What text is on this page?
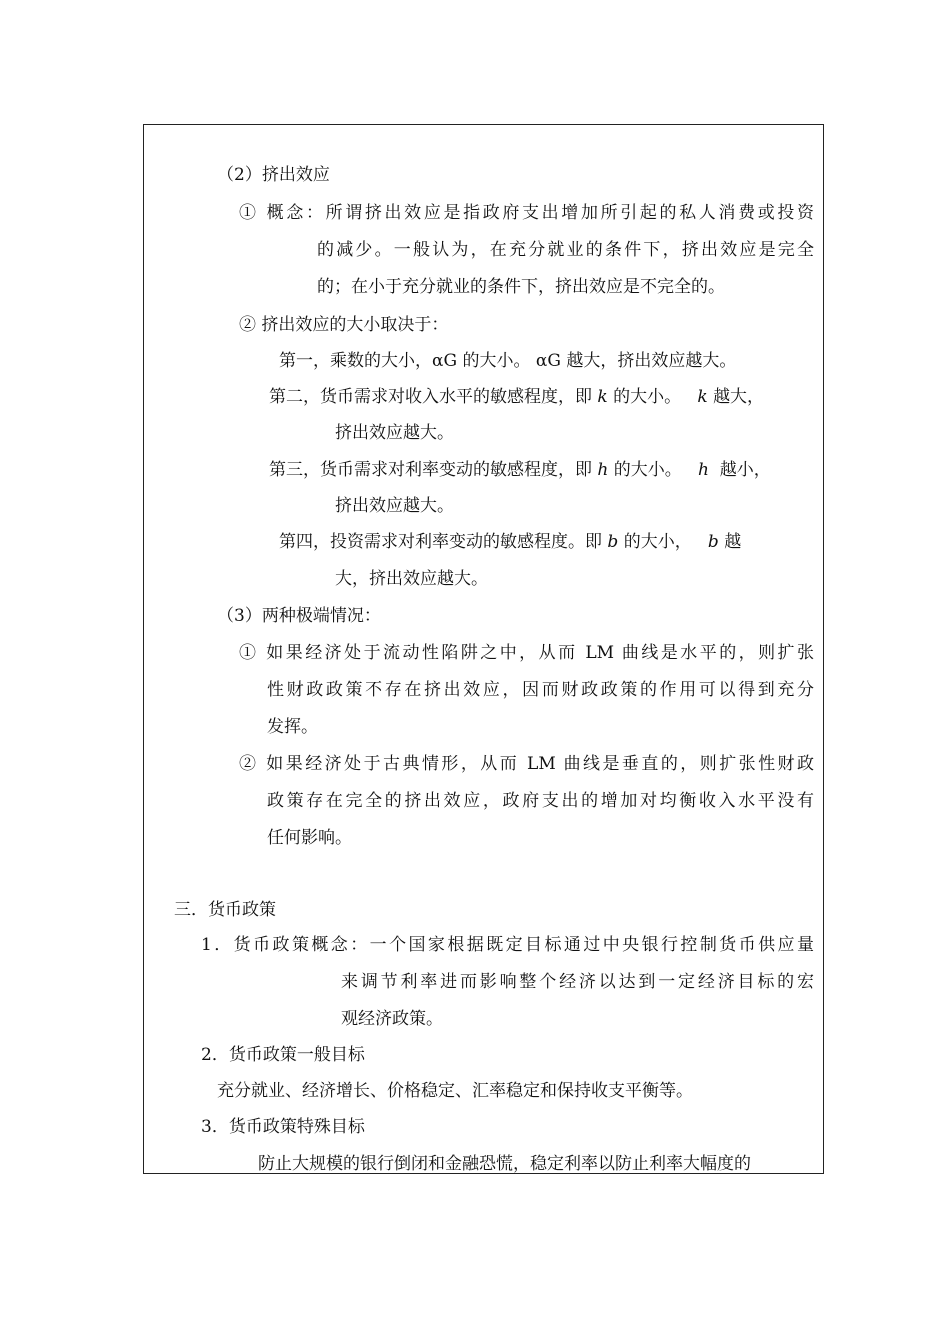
（2）挤出效应
① 概念：所谓挤出效应是指政府支出增加所引起的私人消费或投资
的减少。一般认为，在充分就业的条件下，挤出效应是完全
的；在小于充分就业的条件下，挤出效应是不完全的。
② 挤出效应的大小取决于：
第一，乘数的大小，αG 的大小。 αG 越大，挤出效应越大。
第二，货币需求对收入水平的敏感程度，即 k 的大小。 k 越大，
挤出效应越大。
第三，货币需求对利率变动的敏感程度，即 h 的大小。 h 越小，
挤出效应越大。
第四，投资需求对利率变动的敏感程度。即 b 的大小， b 越
大，挤出效应越大。
（3）两种极端情况：
① 如果经济处于流动性陷阱之中，从而 LM 曲线是水平的，则扩张
性财政政策不存在挤出效应，因而财政政策的作用可以得到充分
发挥。
② 如果经济处于古典情形，从而 LM 曲线是垂直的，则扩张性财政
政策存在完全的挤出效应，政府支出的增加对均衡收入水平没有
任何影响。
三．货币政策
1．货币政策概念：一个国家根据既定目标通过中央银行控制货币供应量
来调节利率进而影响整个经济以达到一定经济目标的宏
观经济政策。
2．货币政策一般目标
充分就业、经济增长、价格稳定、汇率稳定和保持收支平衡等。
3．货币政策特殊目标
防止大规模的银行倒闭和金融恐慌，稳定利率以防止利率大幅度的
